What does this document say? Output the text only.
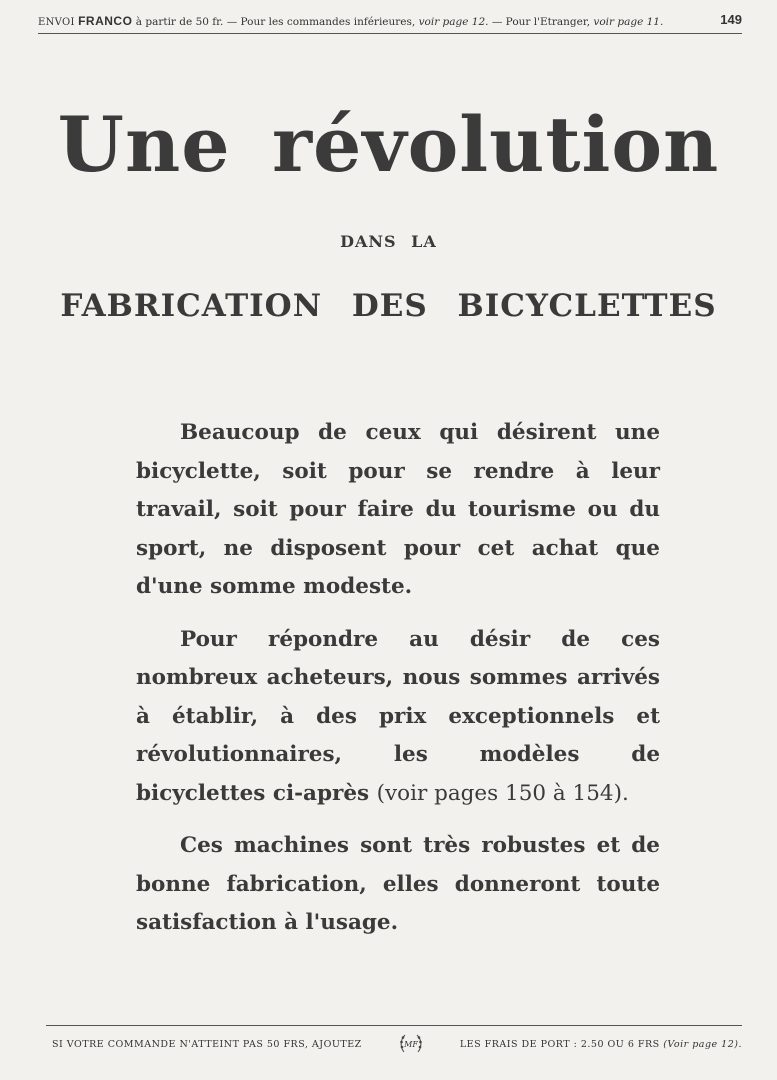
ENVOI FRANCO à partir de 50 fr. — Pour les commandes inférieures, voir page 12. — Pour l'Etranger, voir page 11.	149
Une révolution
DANS LA
FABRICATION DES BICYCLETTES

Beaucoup de ceux qui désirent une bicyclette, soit pour se rendre à leur travail, soit pour faire du tourisme ou du sport, ne disposent pour cet achat que d'une somme modeste.

Pour répondre au désir de ces nombreux acheteurs, nous sommes arrivés à établir, à des prix exceptionnels et révolutionnaires, les modèles de bicyclettes ci-après (voir pages 150 à 154).

Ces machines sont très robustes et de bonne fabrication, elles donneront toute satisfaction à l'usage.

SI VOTRE COMMANDE N'ATTEINT PAS 50 FRS, AJOUTEZ	MF	LES FRAIS DE PORT : 2.50 OU 6 FRS (Voir page 12).
